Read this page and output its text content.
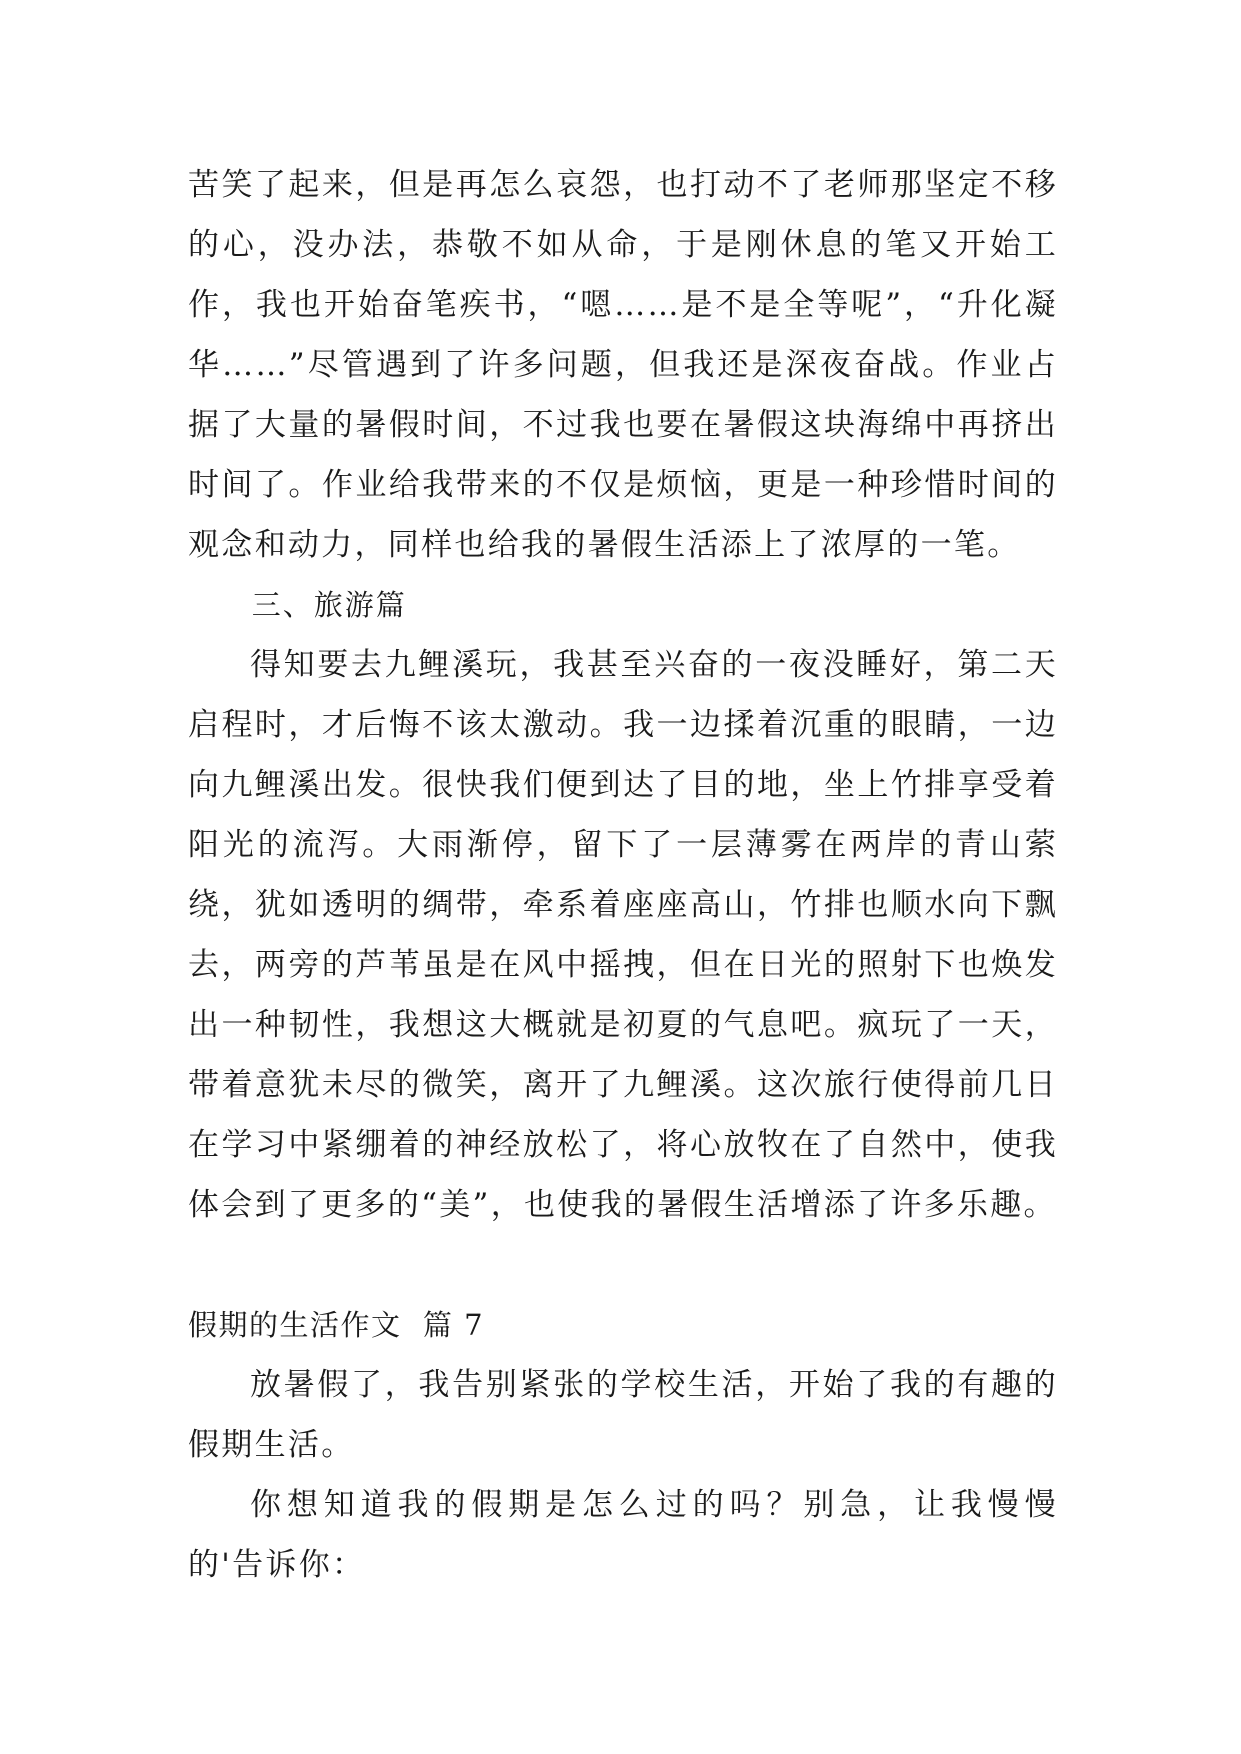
苦笑了起来，但是再怎么哀怨，也打动不了老师那坚定不移的心，没办法，恭敬不如从命，于是刚休息的笔又开始工作，我也开始奋笔疾书，“嗯……是不是全等呢”，“升化凝华……”尽管遇到了许多问题，但我还是深夜奋战。作业占据了大量的暑假时间，不过我也要在暑假这块海绵中再挤出时间了。作业给我带来的不仅是烦恼，更是一种珍惜时间的观念和动力，同样也给我的暑假生活添上了浓厚的一笔。

三、旅游篇

得知要去九鲤溪玩，我甚至兴奋的一夜没睡好，第二天启程时，才后悔不该太激动。我一边揉着沉重的眼睛，一边向九鲤溪出发。很快我们便到达了目的地，坐上竹排享受着阳光的流泻。大雨渐停，留下了一层薄雾在两岸的青山萦绕，犹如透明的绸带，牵系着座座高山，竹排也顺水向下飘去，两旁的芦苇虽是在风中摇拽，但在日光的照射下也焕发出一种韧性，我想这大概就是初夏的气息吧。疯玩了一天，带着意犹未尽的微笑，离开了九鲤溪。这次旅行使得前几日在学习中紧绷着的神经放松了，将心放牧在了自然中，使我体会到了更多的“美”，也使我的暑假生活增添了许多乐趣。

假期的生活作文  篇 7

放暑假了，我告别紧张的学校生活，开始了我的有趣的假期生活。

你想知道我的假期是怎么过的吗？别急，让我慢慢的'告诉你：
